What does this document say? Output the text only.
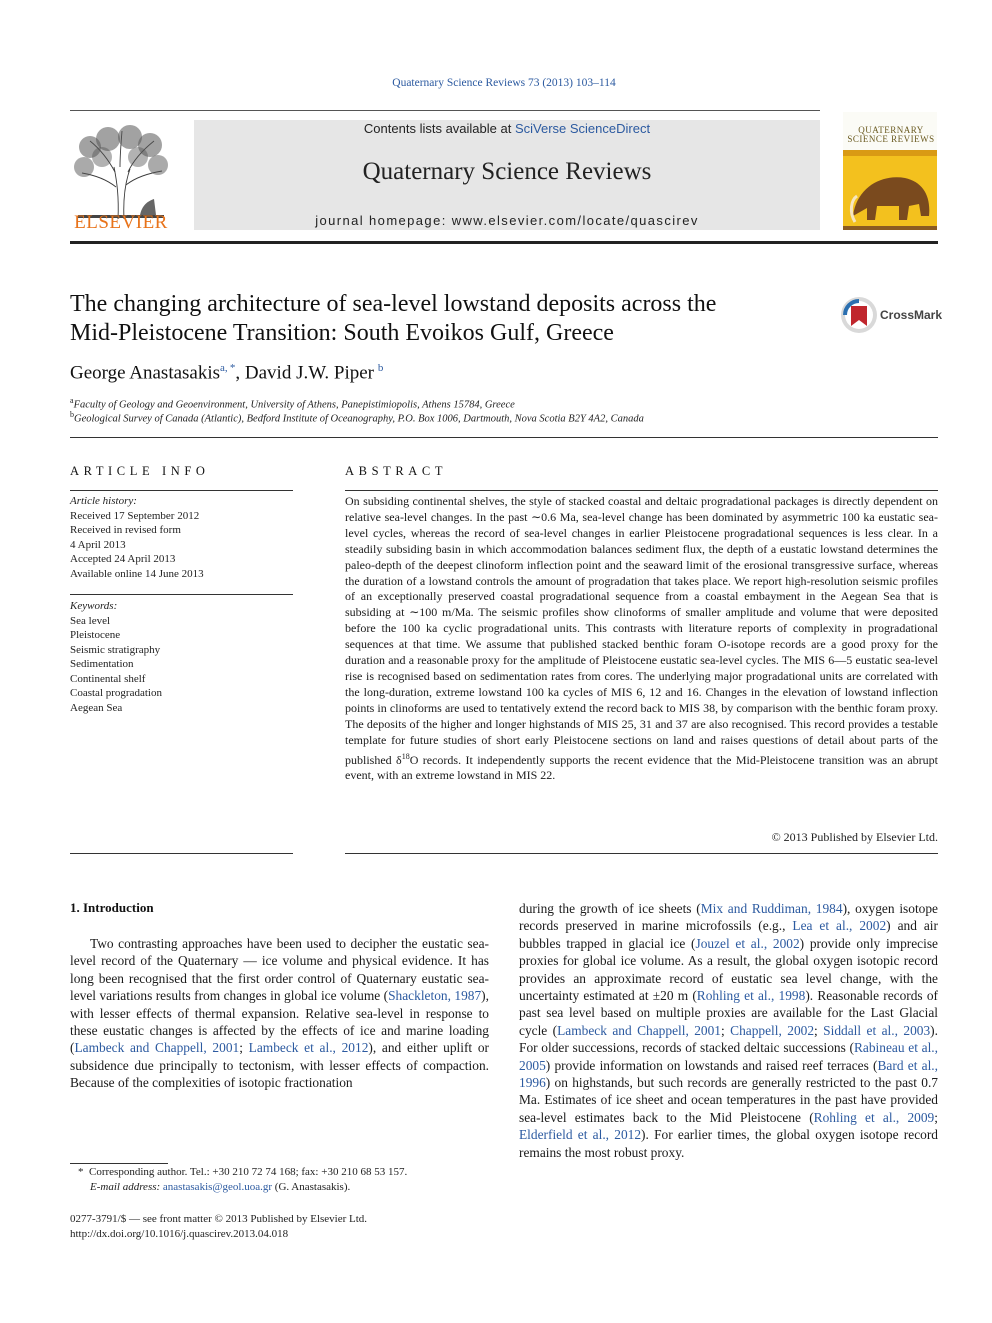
Quaternary Science Reviews 73 (2013) 103–114
ELSEVIER
Contents lists available at SciVerse ScienceDirect
Quaternary Science Reviews
journal homepage: www.elsevier.com/locate/quascirev
QUATERNARY SCIENCE REVIEWS
The changing architecture of sea-level lowstand deposits across the
Mid-Pleistocene Transition: South Evoikos Gulf, Greece
CrossMark
George Anastasakis$^{a, *}$, David J.W. Piper  $^b$
$^a$Faculty of Geology and Geoenvironment, University of Athens, Panepistimiopolis, Athens 15784, Greece
$^b$Geological Survey of Canada (Atlantic), Bedford Institute of Oceanography, P.O. Box 1006, Dartmouth, Nova Scotia B2Y 4A2, Canada
ARTICLE INFO
Article history:
Received 17 September 2012
Received in revised form
4 April 2013
Accepted 24 April 2013
Available online 14 June 2013
Keywords:
Sea level
Pleistocene
Seismic stratigraphy
Sedimentation
Continental shelf
Coastal progradation
Aegean Sea
ABSTRACT
On subsiding continental shelves, the style of stacked coastal and deltaic progradational packages is directly dependent on relative sea-level changes. In the past ∼0.6 Ma, sea-level change has been dominated by asymmetric 100 ka eustatic sea-level cycles, whereas the record of sea-level changes in earlier Pleistocene progradational sequences is less clear. In a steadily subsiding basin in which accommodation balances sediment flux, the depth of a eustatic lowstand determines the paleo-depth of the deepest clinoform inflection point and the seaward limit of the erosional transgressive surface, whereas the duration of a lowstand controls the amount of progradation that takes place. We report high-resolution seismic profiles of an exceptionally preserved coastal progradational sequence from a coastal embayment in the Aegean Sea that is subsiding at ∼100 m/Ma. The seismic profiles show clinoforms of smaller amplitude and volume that were deposited before the 100 ka cyclic progradational units. This contrasts with literature reports of complexity in progradational sequences at that time. We assume that published stacked benthic foram O-isotope records are a good proxy for the duration and a reasonable proxy for the amplitude of Pleistocene eustatic sea-level cycles. The MIS 6—5 eustatic sea-level rise is recognised based on sedimentation rates from cores. The underlying major progradational units are correlated with the long-duration, extreme lowstand 100 ka cycles of MIS 6, 12 and 16. Changes in the elevation of lowstand inflection points in clinoforms are used to tentatively extend the record back to MIS 38, by comparison with the benthic foram proxy. The deposits of the higher and longer highstands of MIS 25, 31 and 37 are also recognised. This record provides a testable template for future studies of short early Pleistocene sections on land and raises questions of detail about parts of the published $\delta^{18}O$ records. It independently supports the recent evidence that the Mid-Pleistocene transition was an abrupt event, with an extreme lowstand in MIS 22.
© 2013 Published by Elsevier Ltd.
1. Introduction
Two contrasting approaches have been used to decipher the eustatic sea-level record of the Quaternary — ice volume and physical evidence. It has long been recognised that the first order control of Quaternary eustatic sea-level variations results from changes in global ice volume (Shackleton, 1987), with lesser effects of thermal expansion. Relative sea-level in response to these eustatic changes is affected by the effects of ice and marine loading (Lambeck and Chappell, 2001; Lambeck et al., 2012), and either uplift or subsidence due principally to tectonism, with lesser effects of compaction. Because of the complexities of isotopic fractionation
during the growth of ice sheets (Mix and Ruddiman, 1984), oxygen isotope records preserved in marine microfossils (e.g., Lea et al., 2002) and air bubbles trapped in glacial ice (Jouzel et al., 2002) provide only imprecise proxies for global ice volume. As a result, the global oxygen isotopic record provides an approximate record of eustatic sea level change, with the uncertainty estimated at ±20 m (Rohling et al., 1998). Reasonable records of past sea level based on multiple proxies are available for the Last Glacial cycle (Lambeck and Chappell, 2001; Chappell, 2002; Siddall et al., 2003). For older successions, records of stacked deltaic successions (Rabineau et al., 2005) provide information on lowstands and raised reef terraces (Bard et al., 1996) on highstands, but such records are generally restricted to the past 0.7 Ma. Estimates of ice sheet and ocean temperatures in the past have provided sea-level estimates back to the Mid Pleistocene (Rohling et al., 2009; Elderfield et al., 2012). For earlier times, the global oxygen isotope record remains the most robust proxy.
* Corresponding author. Tel.: +30 210 72 74 168; fax: +30 210 68 53 157.
E-mail address: anastasakis@geol.uoa.gr (G. Anastasakis).
0277-3791/$ — see front matter © 2013 Published by Elsevier Ltd.
http://dx.doi.org/10.1016/j.quascirev.2013.04.018
